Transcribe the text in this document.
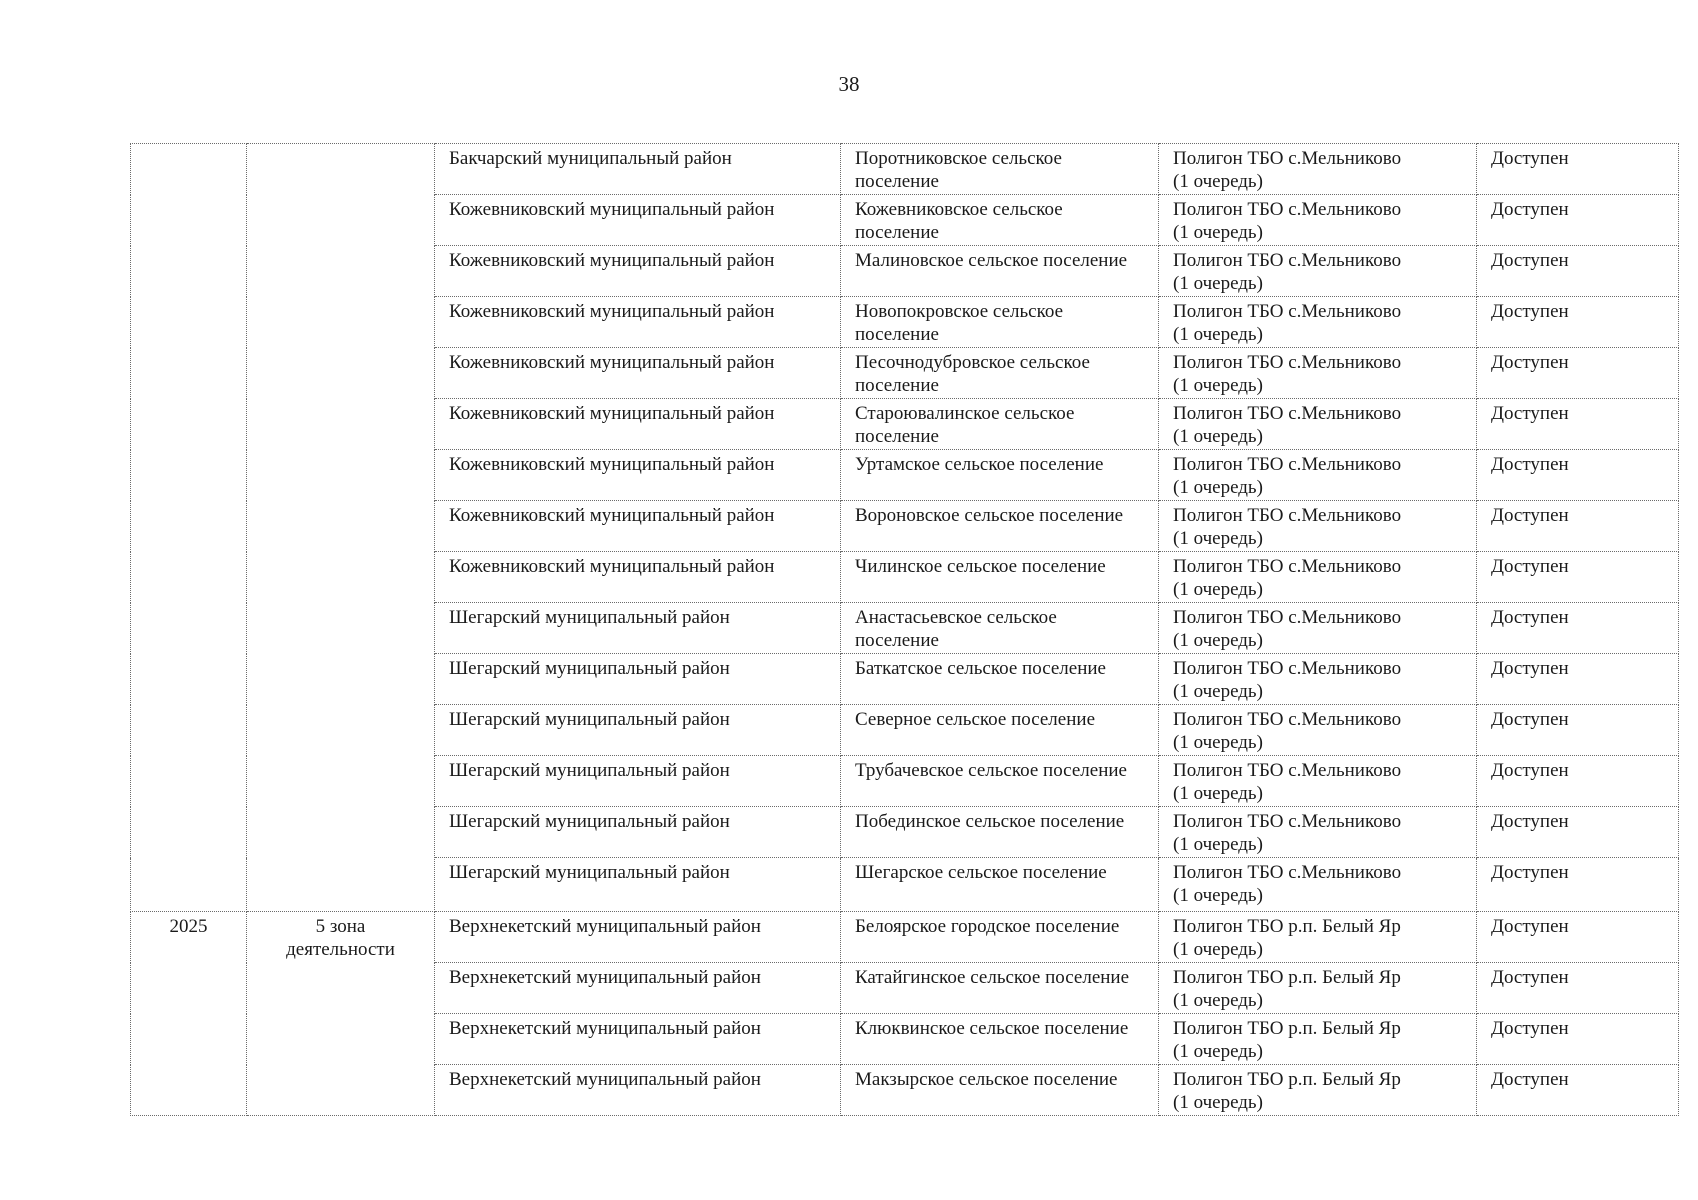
38
		Бакчарский муниципальный район	Поротниковское сельское
поселение	Полигон ТБО с.Мельниково
(1 очередь)	Доступен
		Кожевниковский муниципальный район	Кожевниковское сельское
поселение	Полигон ТБО с.Мельниково
(1 очередь)	Доступен
		Кожевниковский муниципальный район	Малиновское сельское поселение	Полигон ТБО с.Мельниково
(1 очередь)	Доступен
		Кожевниковский муниципальный район	Новопокровское сельское
поселение	Полигон ТБО с.Мельниково
(1 очередь)	Доступен
		Кожевниковский муниципальный район	Песочнодубровское сельское
поселение	Полигон ТБО с.Мельниково
(1 очередь)	Доступен
		Кожевниковский муниципальный район	Староювалинское сельское
поселение	Полигон ТБО с.Мельниково
(1 очередь)	Доступен
		Кожевниковский муниципальный район	Уртамское сельское поселение	Полигон ТБО с.Мельниково
(1 очередь)	Доступен
		Кожевниковский муниципальный район	Вороновское сельское поселение	Полигон ТБО с.Мельниково
(1 очередь)	Доступен
		Кожевниковский муниципальный район	Чилинское сельское поселение	Полигон ТБО с.Мельниково
(1 очередь)	Доступен
		Шегарский муниципальный район	Анастасьевское сельское
поселение	Полигон ТБО с.Мельниково
(1 очередь)	Доступен
		Шегарский муниципальный район	Баткатское сельское поселение	Полигон ТБО с.Мельниково
(1 очередь)	Доступен
		Шегарский муниципальный район	Северное сельское поселение	Полигон ТБО с.Мельниково
(1 очередь)	Доступен
		Шегарский муниципальный район	Трубачевское сельское поселение	Полигон ТБО с.Мельниково
(1 очередь)	Доступен
		Шегарский муниципальный район	Побединское сельское поселение	Полигон ТБО с.Мельниково
(1 очередь)	Доступен
		Шегарский муниципальный район	Шегарское сельское поселение	Полигон ТБО с.Мельниково
(1 очередь)	Доступен
2025	5 зона
деятельности	Верхнекетский муниципальный район	Белоярское городское поселение	Полигон ТБО р.п. Белый Яр
(1 очередь)	Доступен
		Верхнекетский муниципальный район	Катайгинское сельское поселение	Полигон ТБО р.п. Белый Яр
(1 очередь)	Доступен
		Верхнекетский муниципальный район	Клюквинское сельское поселение	Полигон ТБО р.п. Белый Яр
(1 очередь)	Доступен
		Верхнекетский муниципальный район	Макзырское сельское поселение	Полигон ТБО р.п. Белый Яр
(1 очередь)	Доступен
